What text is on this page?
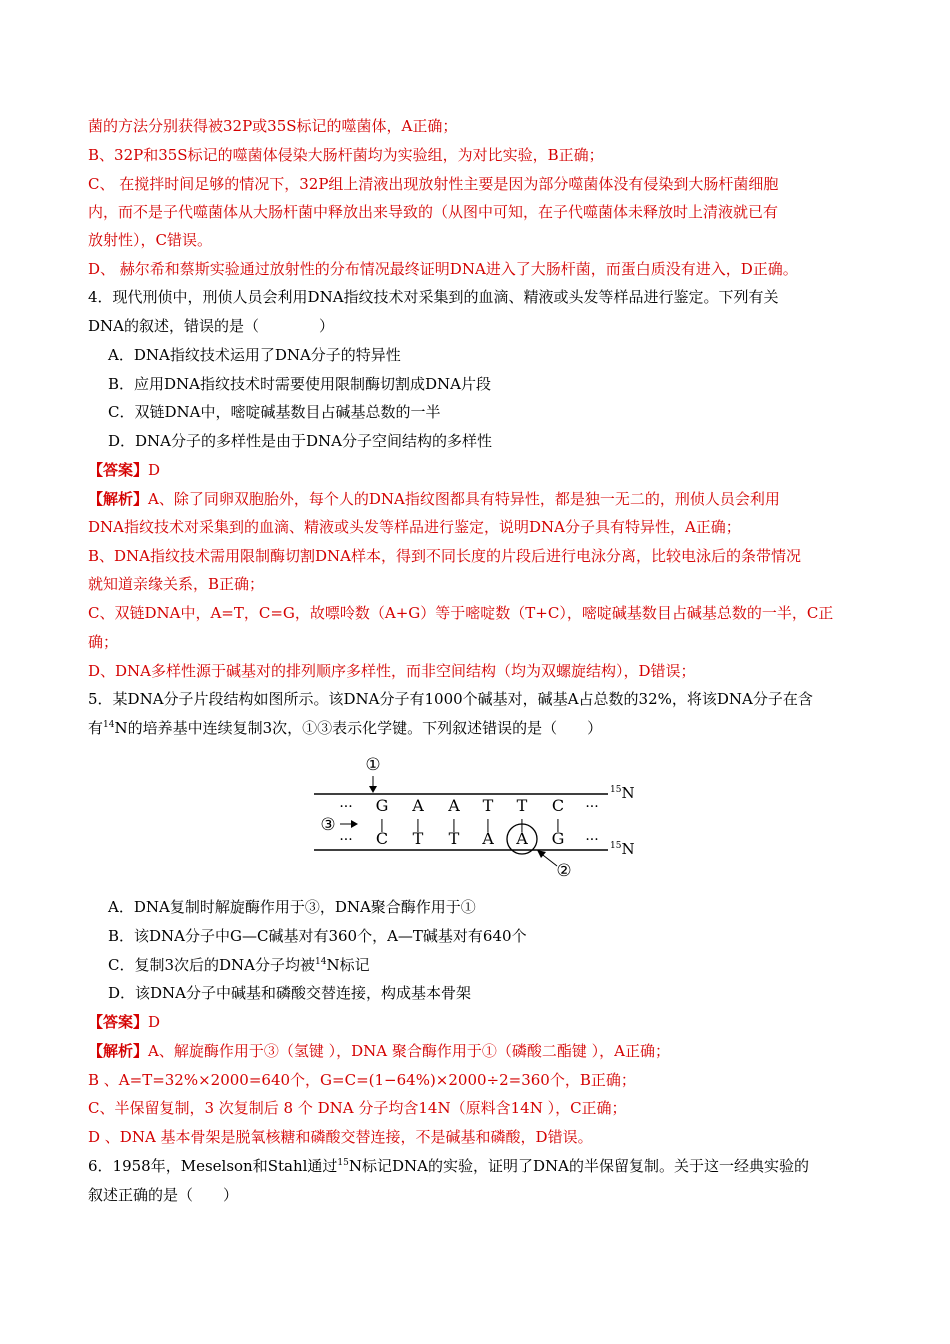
菌的方法分别获得被32P或35S标记的噬菌体，A正确；
B、32P和35S标记的噬菌体侵染大肠杆菌均为实验组，为对比实验，B正确；
C、 在搅拌时间足够的情况下，32P组上清液出现放射性主要是因为部分噬菌体没有侵染到大肠杆菌细胞
内，而不是子代噬菌体从大肠杆菌中释放出来导致的（从图中可知，在子代噬菌体未释放时上清液就已有
放射性），C错误。
D、 赫尔希和蔡斯实验通过放射性的分布情况最终证明DNA进入了大肠杆菌，而蛋白质没有进入，D正确。
4．现代刑侦中，刑侦人员会利用DNA指纹技术对采集到的血滴、精液或头发等样品进行鉴定。下列有关
DNA的叙述，错误的是（　　　　）
A．DNA指纹技术运用了DNA分子的特异性
B．应用DNA指纹技术时需要使用限制酶切割成DNA片段
C．双链DNA中，嘧啶碱基数目占碱基总数的一半
D．DNA分子的多样性是由于DNA分子空间结构的多样性
【答案】D
【解析】A、除了同卵双胞胎外，每个人的DNA指纹图都具有特异性，都是独一无二的，刑侦人员会利用
DNA指纹技术对采集到的血滴、精液或头发等样品进行鉴定，说明DNA分子具有特异性，A正确；
B、DNA指纹技术需用限制酶切割DNA样本，得到不同长度的片段后进行电泳分离，比较电泳后的条带情况
就知道亲缘关系，B正确；
C、双链DNA中，A=T，C=G，故嘌呤数（A+G）等于嘧啶数（T+C），嘧啶碱基数目占碱基总数的一半，C正
确；
D、DNA多样性源于碱基对的排列顺序多样性，而非空间结构（均为双螺旋结构），D错误；
5．某DNA分子片段结构如图所示。该DNA分子有1000个碱基对，碱基A占总数的32%，将该DNA分子在含
有$^{14}$N的培养基中连续复制3次，①③表示化学键。下列叙述错误的是（　　）
①
··· G A A T T C ···
| | | | | |
③
··· C T T A A G ···
②
$^{15}$N
$^{15}$N
A．DNA复制时解旋酶作用于③，DNA聚合酶作用于①
B．该DNA分子中G—C碱基对有360个，A—T碱基对有640个
C．复制3次后的DNA分子均被$^{14}$N标记
D．该DNA分子中碱基和磷酸交替连接，构成基本骨架
【答案】D
【解析】A、解旋酶作用于③（氢键 ），DNA 聚合酶作用于①（磷酸二酯键 ），A正确；
B 、A=T=32%×2000=640个，G=C=(1−64%)×2000÷2=360个，B正确；
C、半保留复制，3 次复制后 8 个 DNA 分子均含14N（原料含14N ），C正确；
D 、DNA 基本骨架是脱氧核糖和磷酸交替连接，不是碱基和磷酸，D错误。
6．1958年，Meselson和Stahl通过$^{15}$N标记DNA的实验，证明了DNA的半保留复制。关于这一经典实验的
叙述正确的是（　　）
